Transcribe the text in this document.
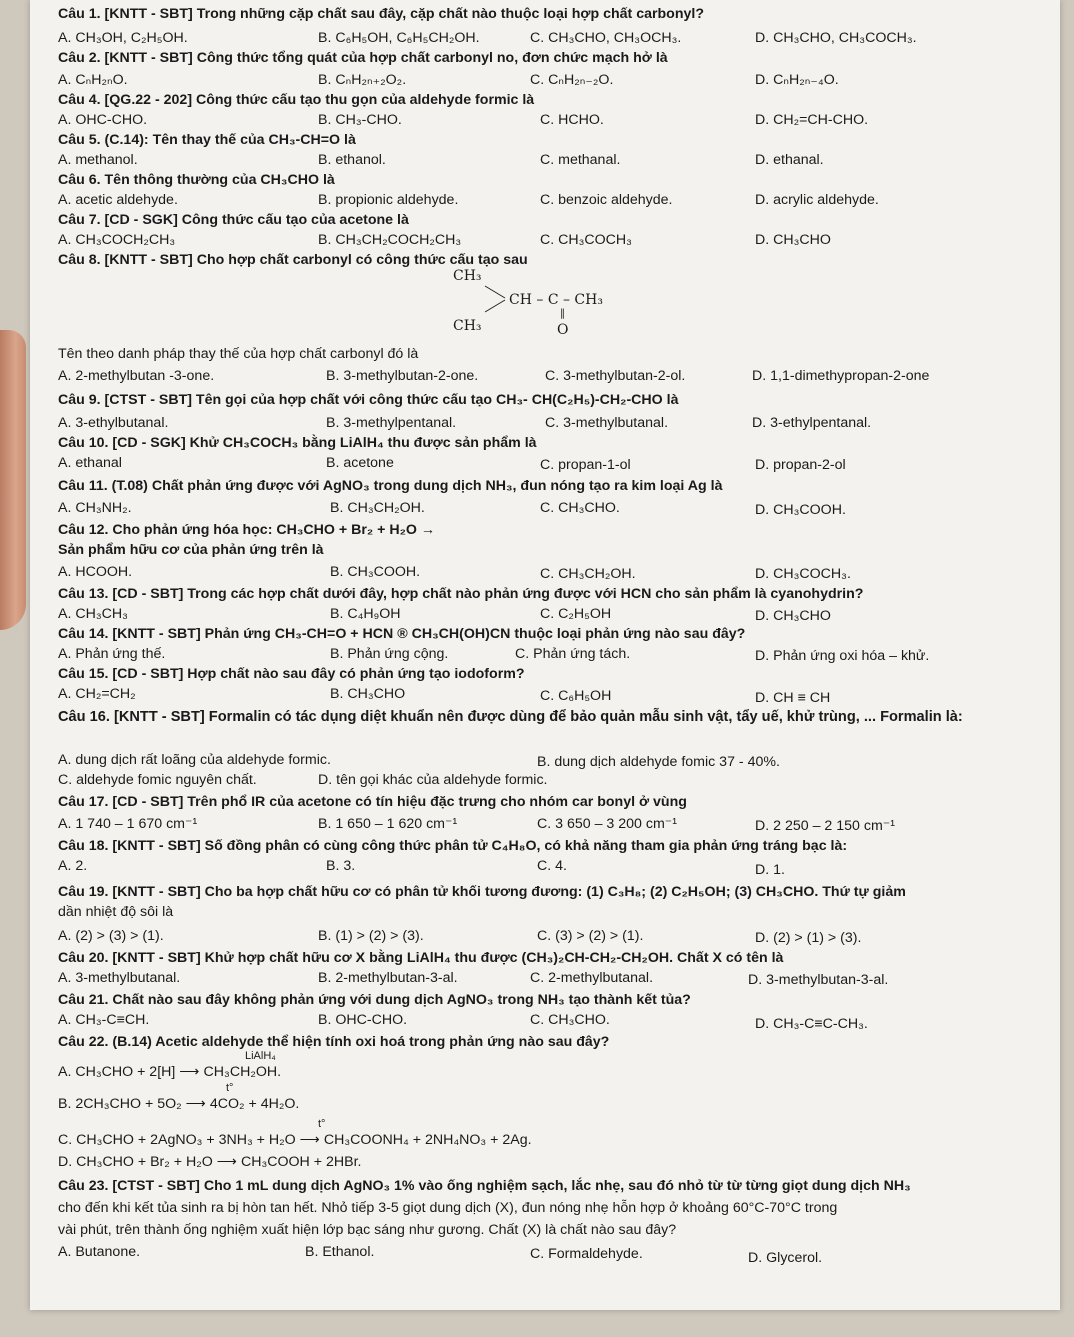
Câu 1. [KNTT - SBT] Trong những cặp chất sau đây, cặp chất nào thuộc loại hợp chất carbonyl?
A. CH₃OH, C₂H₅OH.	B. C₆H₅OH, C₆H₅CH₂OH.	C. CH₃CHO, CH₃OCH₃.	D. CH₃CHO, CH₃COCH₃.
Câu 2. [KNTT - SBT] Công thức tổng quát của hợp chất carbonyl no, đơn chức mạch hở là
A. CₙH₂ₙO.	B. CₙH₂ₙ₊₂O₂.	C. CₙH₂ₙ₋₂O.	D. CₙH₂ₙ₋₄O.
Câu 4. [QG.22 - 202] Công thức cấu tạo thu gọn của aldehyde formic là
A. OHC-CHO.	B. CH₃-CHO.	C. HCHO.	D. CH₂=CH-CHO.
Câu 5. (C.14): Tên thay thế của CH₃-CH=O là
A. methanol.	B. ethanol.	C. methanal.	D. ethanal.
Câu 6. Tên thông thường của CH₃CHO là
A. acetic aldehyde.	B. propionic aldehyde.	C. benzoic aldehyde.	D. acrylic aldehyde.
Câu 7. [CD - SGK] Công thức cấu tạo của acetone là
A. CH₃COCH₂CH₃	B. CH₃CH₂COCH₂CH₃	C. CH₃COCH₃	D. CH₃CHO
Câu 8. [KNTT - SBT] Cho hợp chất carbonyl có công thức cấu tạo sau
CH₃
CH₃
CH – C – CH₃
‖
O
Tên theo danh pháp thay thế của hợp chất carbonyl đó là
A. 2-methylbutan -3-one.	B. 3-methylbutan-2-one.	C. 3-methylbutan-2-ol.	D. 1,1-dimethypropan-2-one
Câu 9. [CTST - SBT] Tên gọi của hợp chất với công thức cấu tạo CH₃- CH(C₂H₅)-CH₂-CHO là
A. 3-ethylbutanal.	B. 3-methylpentanal.	C. 3-methylbutanal.	D. 3-ethylpentanal.
Câu 10. [CD - SGK] Khử CH₃COCH₃ bằng LiAlH₄ thu được sản phẩm là
A. ethanal	B. acetone	C. propan-1-ol	D. propan-2-ol
Câu 11. (T.08) Chất phản ứng được với AgNO₃ trong dung dịch NH₃, đun nóng tạo ra kim loại Ag là
A. CH₃NH₂.	B. CH₃CH₂OH.	C. CH₃CHO.	D. CH₃COOH.
Câu 12. Cho phản ứng hóa học: CH₃CHO + Br₂ + H₂O →
Sản phẩm hữu cơ của phản ứng trên là
A. HCOOH.	B. CH₃COOH.	C. CH₃CH₂OH.	D. CH₃COCH₃.
Câu 13. [CD - SBT] Trong các hợp chất dưới đây, hợp chất nào phản ứng được với HCN cho sản phẩm là cyanohydrin?
A. CH₃CH₃	B. C₄H₉OH	C. C₂H₅OH	D. CH₃CHO
Câu 14. [KNTT - SBT] Phản ứng CH₃-CH=O + HCN ® CH₃CH(OH)CN thuộc loại phản ứng nào sau đây?
A. Phản ứng thế.	B. Phản ứng cộng.	C. Phản ứng tách.	D. Phản ứng oxi hóa – khử.
Câu 15. [CD - SBT] Hợp chất nào sau đây có phản ứng tạo iodoform?
A. CH₂=CH₂	B. CH₃CHO	C. C₆H₅OH	D. CH ≡ CH
Câu 16. [KNTT - SBT] Formalin có tác dụng diệt khuẩn nên được dùng để bảo quản mẫu sinh vật, tẩy uế, khử trùng, ... Formalin là:
A. dung dịch rất loãng của aldehyde formic.	B. dung dịch aldehyde fomic 37 - 40%.
C. aldehyde fomic nguyên chất.	D. tên gọi khác của aldehyde formic.
Câu 17. [CD - SBT] Trên phổ IR của acetone có tín hiệu đặc trưng cho nhóm car bonyl ở vùng
A. 1 740 – 1 670 cm⁻¹	B. 1 650 – 1 620 cm⁻¹	C. 3 650 – 3 200 cm⁻¹	D. 2 250 – 2 150 cm⁻¹
Câu 18. [KNTT - SBT] Số đồng phân có cùng công thức phân tử C₄H₈O, có khả năng tham gia phản ứng tráng bạc là:
A. 2.	B. 3.	C. 4.	D. 1.
Câu 19. [KNTT - SBT] Cho ba hợp chất hữu cơ có phân tử khối tương đương: (1) C₃H₈; (2) C₂H₅OH; (3) CH₃CHO. Thứ tự giảm
dần nhiệt độ sôi là
A. (2) > (3) > (1).	B. (1) > (2) > (3).	C. (3) > (2) > (1).	D. (2) > (1) > (3).
Câu 20. [KNTT - SBT] Khử hợp chất hữu cơ X bằng LiAlH₄ thu được (CH₃)₂CH-CH₂-CH₂OH. Chất X có tên là
A. 3-methylbutanal.	B. 2-methylbutan-3-al.	C. 2-methylbutanal.	D. 3-methylbutan-3-al.
Câu 21. Chất nào sau đây không phản ứng với dung dịch AgNO₃ trong NH₃ tạo thành kết tủa?
A. CH₃-C≡CH.	B. OHC-CHO.	C. CH₃CHO.	D. CH₃-C≡C-CH₃.
Câu 22. (B.14) Acetic aldehyde thể hiện tính oxi hoá trong phản ứng nào sau đây?
LiAlH₄
A. CH₃CHO + 2[H] ⟶ CH₃CH₂OH.
t°
B. 2CH₃CHO + 5O₂ ⟶ 4CO₂ + 4H₂O.
t°
C. CH₃CHO + 2AgNO₃ + 3NH₃ + H₂O ⟶ CH₃COONH₄ + 2NH₄NO₃ + 2Ag.
D. CH₃CHO + Br₂ + H₂O ⟶ CH₃COOH + 2HBr.
Câu 23. [CTST - SBT] Cho 1 mL dung dịch AgNO₃ 1% vào ống nghiệm sạch, lắc nhẹ, sau đó nhỏ từ từ từng giọt dung dịch NH₃
cho đến khi kết tủa sinh ra bị hòn tan hết. Nhỏ tiếp 3-5 giọt dung dịch (X), đun nóng nhẹ hỗn hợp ở khoảng 60°C-70°C trong
vài phút, trên thành ống nghiệm xuất hiện lớp bạc sáng như gương. Chất (X) là chất nào sau đây?
A. Butanone.	B. Ethanol.	C. Formaldehyde.	D. Glycerol.
